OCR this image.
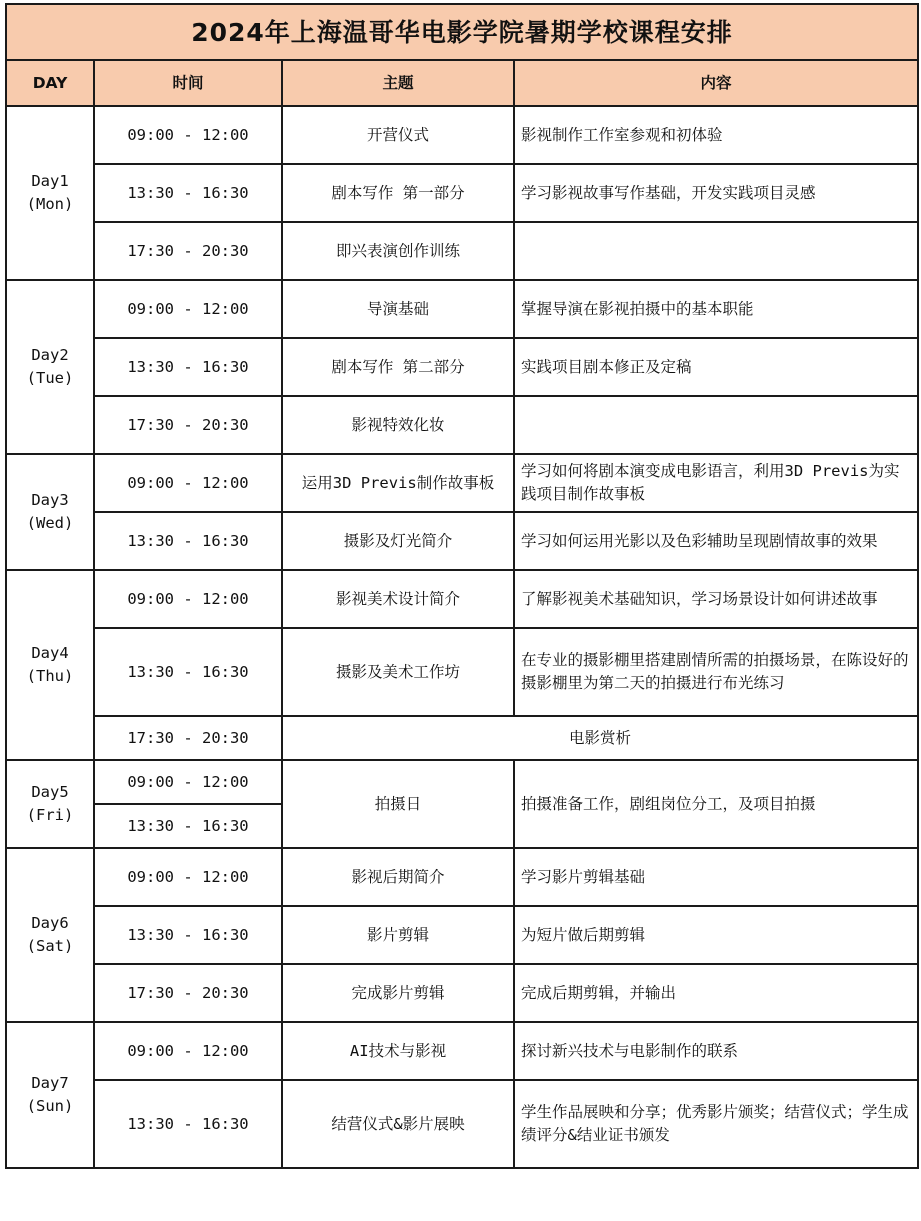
2024年上海温哥华电影学院暑期学校课程安排			
DAY	时间	主题	内容
Day1
(Mon)	09:00 - 12:00	开营仪式	影视制作工作室参观和初体验
	13:30 - 16:30	剧本写作 第一部分	学习影视故事写作基础，开发实践项目灵感
	17:30 - 20:30	即兴表演创作训练	
Day2
(Tue)	09:00 - 12:00	导演基础	掌握导演在影视拍摄中的基本职能
	13:30 - 16:30	剧本写作 第二部分	实践项目剧本修正及定稿
	17:30 - 20:30	影视特效化妆	
Day3
(Wed)	09:00 - 12:00	运用3D Previs制作故事板	学习如何将剧本演变成电影语言，利用3D Previs为实践项目制作故事板
	13:30 - 16:30	摄影及灯光简介	学习如何运用光影以及色彩辅助呈现剧情故事的效果
Day4
(Thu)	09:00 - 12:00	影视美术设计简介	了解影视美术基础知识，学习场景设计如何讲述故事
	13:30 - 16:30	摄影及美术工作坊	在专业的摄影棚里搭建剧情所需的拍摄场景，在陈设好的摄影棚里为第二天的拍摄进行布光练习
	17:30 - 20:30	电影赏析	
Day5
(Fri)	09:00 - 12:00	拍摄日	拍摄准备工作，剧组岗位分工，及项目拍摄
	13:30 - 16:30		
Day6
(Sat)	09:00 - 12:00	影视后期简介	学习影片剪辑基础
	13:30 - 16:30	影片剪辑	为短片做后期剪辑
	17:30 - 20:30	完成影片剪辑	完成后期剪辑，并输出
Day7
(Sun)	09:00 - 12:00	AI技术与影视	探讨新兴技术与电影制作的联系
	13:30 - 16:30	结营仪式&影片展映	学生作品展映和分享；优秀影片颁奖；结营仪式；学生成绩评分&结业证书颁发
